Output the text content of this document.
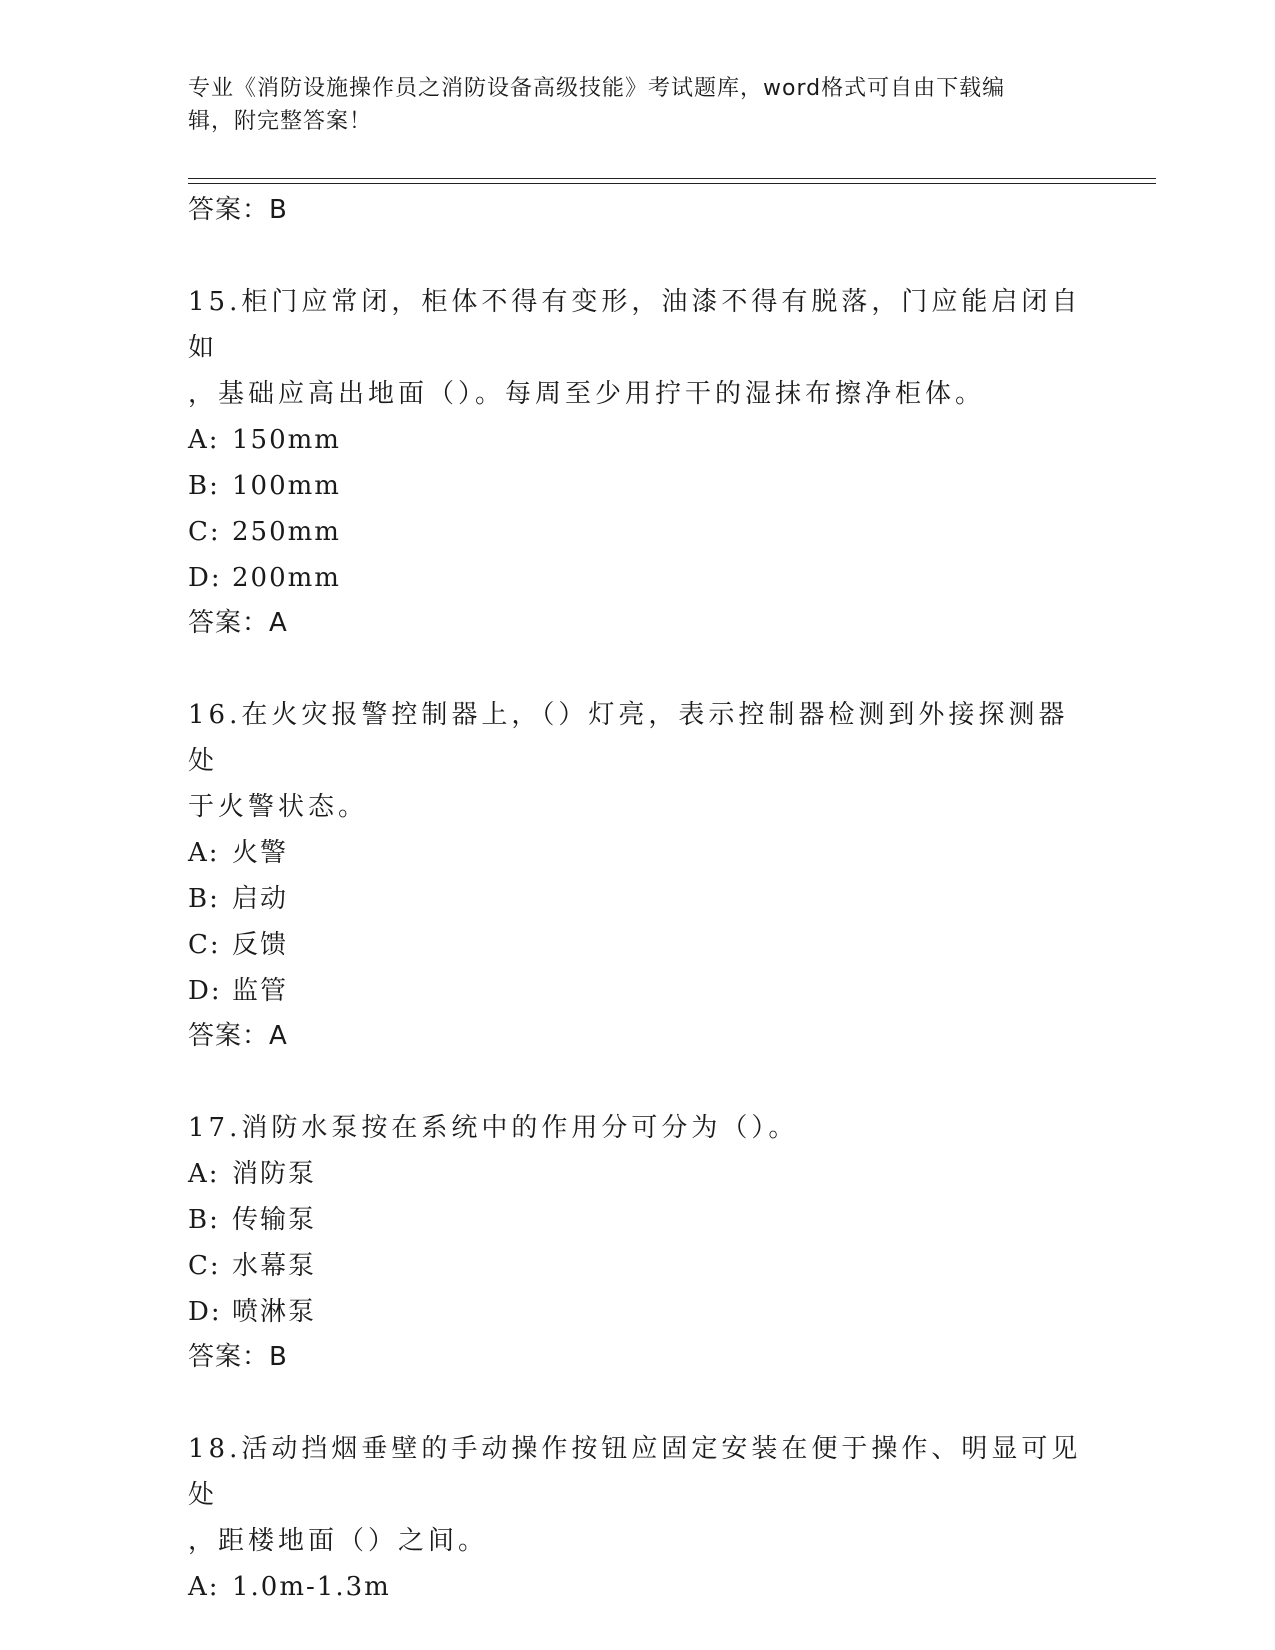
专业《消防设施操作员之消防设备高级技能》考试题库，word格式可自由下载编
辑，附完整答案！

答案：B

15.柜门应常闭，柜体不得有变形，油漆不得有脱落，门应能启闭自如
，基础应高出地面（）。每周至少用拧干的湿抹布擦净柜体。

A: 150mm

B: 100mm

C: 250mm

D: 200mm

答案：A

16.在火灾报警控制器上，（）灯亮，表示控制器检测到外接探测器处
于火警状态。

A: 火警

B: 启动

C: 反馈

D: 监管

答案：A

17.消防水泵按在系统中的作用分可分为（）。

A: 消防泵

B: 传输泵

C: 水幕泵

D: 喷淋泵

答案：B

18.活动挡烟垂壁的手动操作按钮应固定安装在便于操作、明显可见处
，距楼地面（）之间。

A: 1.0m-1.3m
